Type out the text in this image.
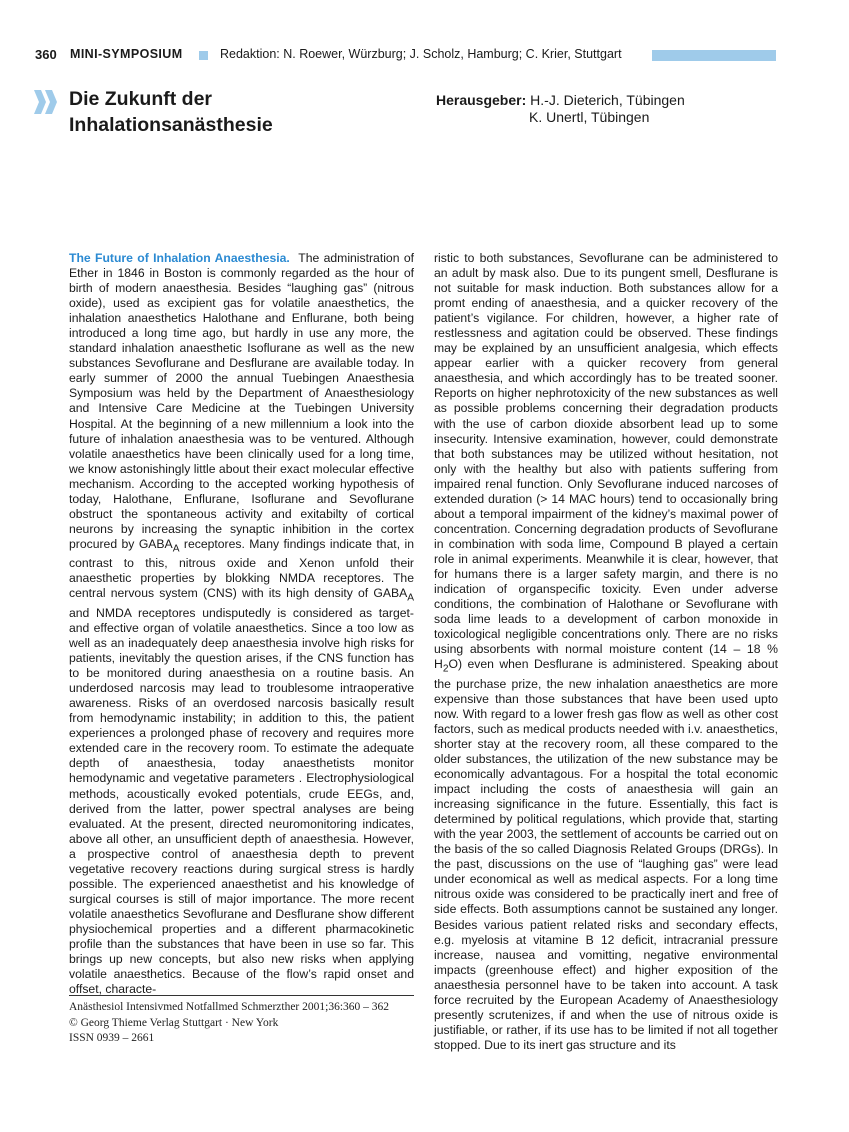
360 MINI-SYMPOSIUM	Redaktion: N. Roewer, Würzburg; J. Scholz, Hamburg; C. Krier, Stuttgart
Die Zukunft der
Inhalationsanästhesie
Herausgeber: H.-J. Dieterich, Tübingen
K. Unertl, Tübingen

The Future of Inhalation Anaesthesia. The administration of Ether in 1846 in Boston is commonly regarded as the hour of birth of modern anaesthesia. Besides “laughing gas” (nitrous oxide), used as excipient gas for volatile anaesthetics, the inhalation anaesthetics Halothane and Enflurane, both being introduced a long time ago, but hardly in use any more, the standard inhalation anaesthetic Isoflurane as well as the new substances Sevoflurane and Desflurane are available today. In early summer of 2000 the annual Tuebingen Anaesthesia Symposium was held by the Department of Anaesthesiology and Intensive Care Medicine at the Tuebingen University Hospital. At the beginning of a new millennium a look into the future of inhalation anaesthesia was to be ventured. Although volatile anaesthetics have been clinically used for a long time, we know astonishingly little about their exact molecular effective mechanism. According to the accepted working hypothesis of today, Halothane, Enflurane, Isoflurane and Sevoflurane obstruct the spontaneous activity and exitabilty of cortical neurons by increasing the synaptic inhibition in the cortex procured by $GABA_A$ receptores. Many findings indicate that, in contrast to this, nitrous oxide and Xenon unfold their anaesthetic properties by blokking NMDA receptores. The central nervous system (CNS) with its high density of $GABA_A$ and NMDA receptores undisputedly is considered as target- and effective organ of volatile anaesthetics. Since a too low as well as an inadequately deep anaesthesia involve high risks for patients, inevitably the question arises, if the CNS function has to be monitored during anaesthesia on a routine basis. An underdosed narcosis may lead to troublesome intraoperative awareness. Risks of an overdosed narcosis basically result from hemodynamic instability; in addition to this, the patient experiences a prolonged phase of recovery and requires more extended care in the recovery room. To estimate the adequate depth of anaesthesia, today anaesthetists monitor hemodynamic and vegetative parameters . Electrophysiological methods, acoustically evoked potentials, crude EEGs, and, derived from the latter, power spectral analyses are being evaluated. At the present, directed neuromonitoring indicates, above all other, an unsufficient depth of anaesthesia. However, a prospective control of anaesthesia depth to prevent vegetative recovery reactions during surgical stress is hardly possible. The experienced anaesthetist and his knowledge of surgical courses is still of major importance. The more recent volatile anaesthetics Sevoflurane and Desflurane show different physiochemical properties and a different pharmacokinetic profile than the substances that have been in use so far. This brings up new concepts, but also new risks when applying volatile anaesthetics. Because of the flow’s rapid onset and offset, characte-

ristic to both substances, Sevoflurane can be administered to an adult by mask also. Due to its pungent smell, Desflurane is not suitable for mask induction. Both substances allow for a promt ending of anaesthesia, and a quicker recovery of the patient’s vigilance. For children, however, a higher rate of restlessness and agitation could be observed. These findings may be explained by an unsufficient analgesia, which effects appear earlier with a quicker recovery from general anaesthesia, and which accordingly has to be treated sooner. Reports on higher nephrotoxicity of the new substances as well as possible problems concerning their degradation products with the use of carbon dioxide absorbent lead up to some insecurity. Intensive examination, however, could demonstrate that both substances may be utilized without hesitation, not only with the healthy but also with patients suffering from impaired renal function. Only Sevoflurane induced narcoses of extended duration (> 14 MAC hours) tend to occasionally bring about a temporal impairment of the kidney’s maximal power of concentration. Concerning degradation products of Sevoflurane in combination with soda lime, Compound B played a certain role in animal experiments. Meanwhile it is clear, however, that for humans there is a larger safety margin, and there is no indication of organspecific toxicity. Even under adverse conditions, the combination of Halothane or Sevoflurane with soda lime leads to a development of carbon monoxide in toxicological negligible concentrations only. There are no risks using absorbents with normal moisture content (14 – 18 % $H_2O$) even when Desflurane is administered. Speaking about the purchase prize, the new inhalation anaesthetics are more expensive than those substances that have been used upto now. With regard to a lower fresh gas flow as well as other cost factors, such as medical products needed with i.v. anaesthetics, shorter stay at the recovery room, all these compared to the older substances, the utilization of the new substance may be economically advantagous. For a hospital the total economic impact including the costs of anaesthesia will gain an increasing significance in the future. Essentially, this fact is determined by political regulations, which provide that, starting with the year 2003, the settlement of accounts be carried out on the basis of the so called Diagnosis Related Groups (DRGs). In the past, discussions on the use of “laughing gas” were lead under economical as well as medical aspects. For a long time nitrous oxide was considered to be practically inert and free of side effects. Both assumptions cannot be sustained any longer. Besides various patient related risks and secondary effects, e.g. myelosis at vitamine B 12 deficit, intracranial pressure increase, nausea and vomitting, negative environmental impacts (greenhouse effect) and higher exposition of the anaesthesia personnel have to be taken into account. A task force recruited by the European Academy of Anaesthesiology presently scrutenizes, if and when the use of nitrous oxide is justifiable, or rather, if its use has to be limited if not all together stopped. Due to its inert gas structure and its

Anästhesiol Intensivmed Notfallmed Schmerzther 2001;36:360 – 362
© Georg Thieme Verlag Stuttgart · New York
ISSN 0939 – 2661
